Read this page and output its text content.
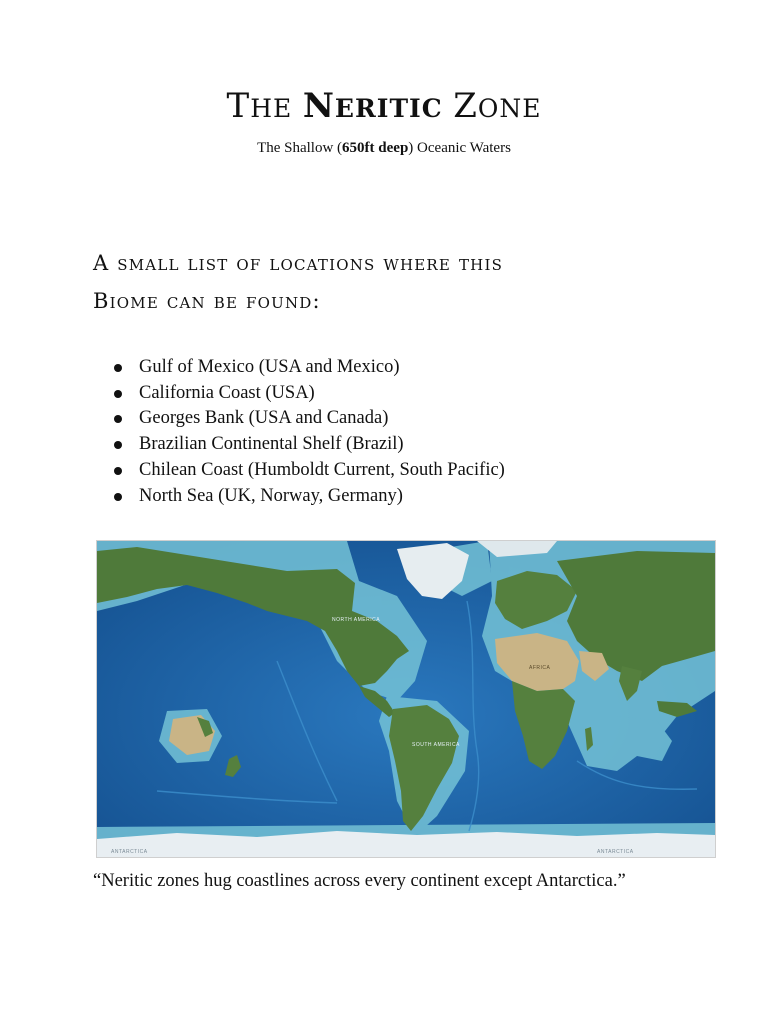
THE NERITIC ZONE
The Shallow (650ft deep) Oceanic Waters
A small list of locations where this
Biome can be found:
Gulf of Mexico (USA and Mexico)
California Coast (USA)
Georges Bank (USA and Canada)
Brazilian Continental Shelf (Brazil)
Chilean Coast (Humboldt Current, South Pacific)
North Sea (UK, Norway, Germany)
NORTH AMERICA
SOUTH AMERICA
AFRICA
ANTARCTICA	ANTARCTICA
“Neritic zones hug coastlines across every continent except Antarctica.”
